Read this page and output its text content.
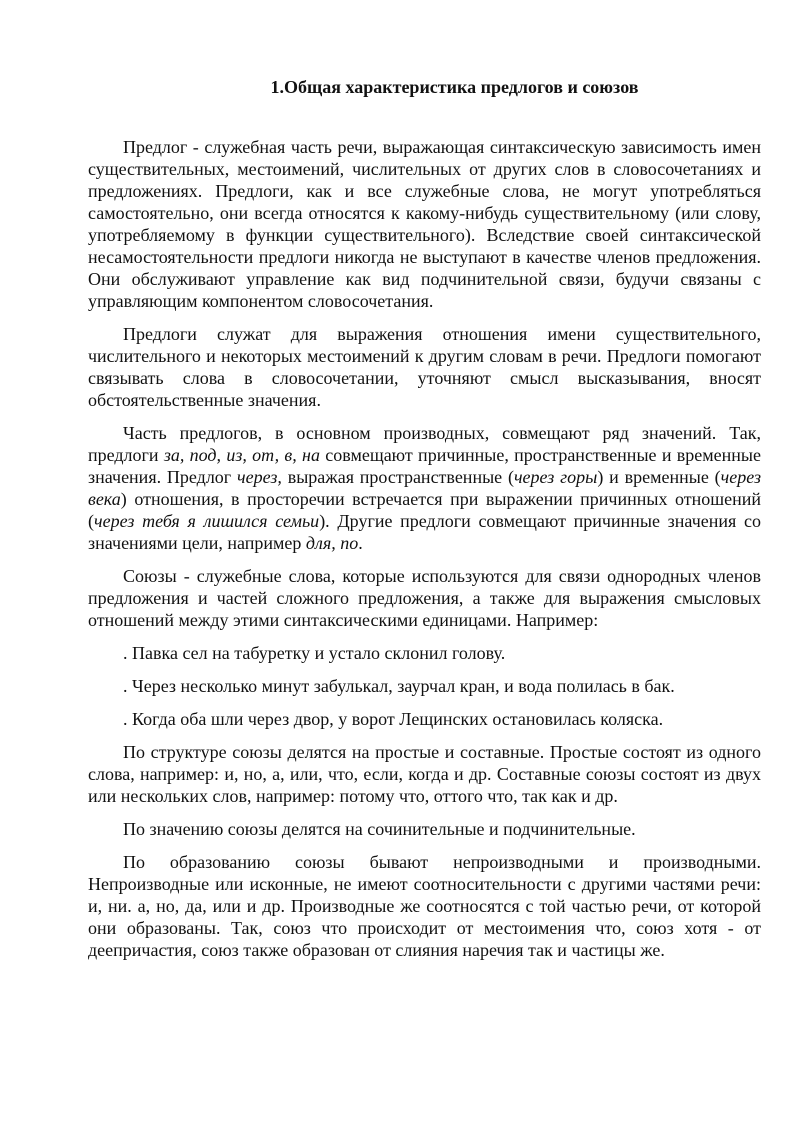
1.Общая характеристика предлогов и союзов

Предлог - служебная часть речи, выражающая синтаксическую зависимость имен существительных, местоимений, числительных от других слов в словосочетаниях и предложениях. Предлоги, как и все служебные слова, не могут употребляться самостоятельно, они всегда относятся к какому-нибудь существительному (или слову, употребляемому в функции существительного). Вследствие своей синтаксической несамостоятельности предлоги никогда не выступают в качестве членов предложения. Они обслуживают управление как вид подчинительной связи, будучи связаны с управляющим компонентом словосочетания.

Предлоги служат для выражения отношения имени существительного, числительного и некоторых местоимений к другим словам в речи. Предлоги помогают связывать слова в словосочетании, уточняют смысл высказывания, вносят обстоятельственные значения.

Часть предлогов, в основном производных, совмещают ряд значений. Так, предлоги за, под, из, от, в, на совмещают причинные, пространственные и временные значения. Предлог через, выражая пространственные (через горы) и временные (через века) отношения, в просторечии встречается при выражении причинных отношений (через тебя я лишился семьи). Другие предлоги совмещают причинные значения со значениями цели, например для, по.

Союзы - служебные слова, которые используются для связи однородных членов предложения и частей сложного предложения, а также для выражения смысловых отношений между этими синтаксическими единицами. Например:

. Павка сел на табуретку и устало склонил голову.

. Через несколько минут забулькал, заурчал кран, и вода полилась в бак.

. Когда оба шли через двор, у ворот Лещинских остановилась коляска.

По структуре союзы делятся на простые и составные. Простые состоят из одного слова, например: и, но, а, или, что, если, когда и др. Составные союзы состоят из двух или нескольких слов, например: потому что, оттого что, так как и др.

По значению союзы делятся на сочинительные и подчинительные.

По образованию союзы бывают непроизводными и производными. Непроизводные или исконные, не имеют соотносительности с другими частями речи: и, ни. а, но, да, или и др. Производные же соотносятся с той частью речи, от которой они образованы. Так, союз что происходит от местоимения что, союз хотя - от деепричастия, союз также образован от слияния наречия так и частицы же.
